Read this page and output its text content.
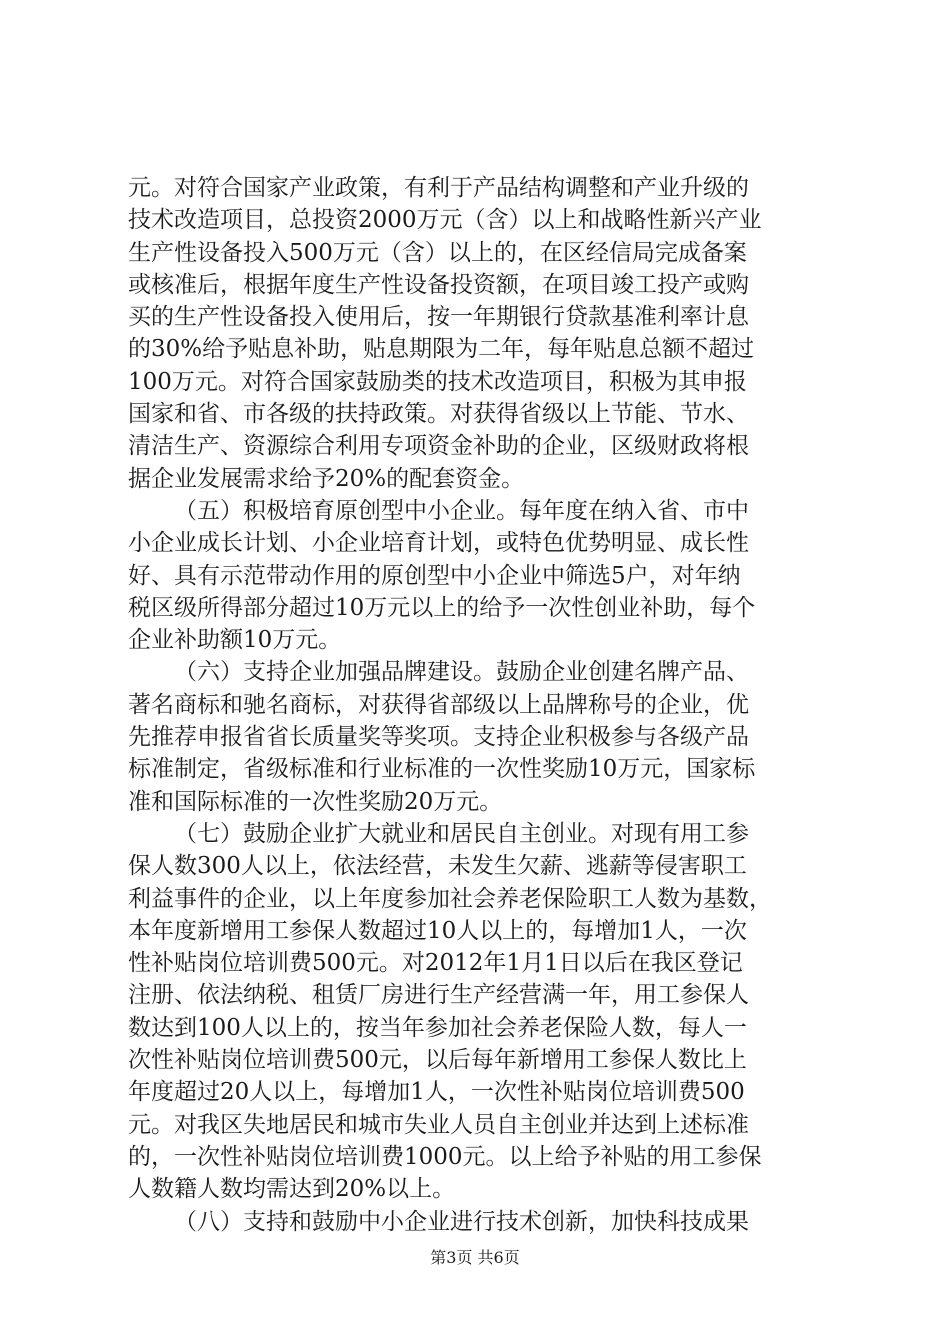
元。对符合国家产业政策，有利于产品结构调整和产业升级的
技术改造项目，总投资2000万元（含）以上和战略性新兴产业
生产性设备投入500万元（含）以上的，在区经信局完成备案
或核准后，根据年度生产性设备投资额，在项目竣工投产或购
买的生产性设备投入使用后，按一年期银行贷款基准利率计息
的30%给予贴息补助，贴息期限为二年，每年贴息总额不超过
100万元。对符合国家鼓励类的技术改造项目，积极为其申报
国家和省、市各级的扶持政策。对获得省级以上节能、节水、
清洁生产、资源综合利用专项资金补助的企业，区级财政将根
据企业发展需求给予20%的配套资金。
（五）积极培育原创型中小企业。每年度在纳入省、市中
小企业成长计划、小企业培育计划，或特色优势明显、成长性
好、具有示范带动作用的原创型中小企业中筛选5户，对年纳
税区级所得部分超过10万元以上的给予一次性创业补助，每个
企业补助额10万元。
（六）支持企业加强品牌建设。鼓励企业创建名牌产品、
著名商标和驰名商标，对获得省部级以上品牌称号的企业，优
先推荐申报省省长质量奖等奖项。支持企业积极参与各级产品
标准制定，省级标准和行业标准的一次性奖励10万元，国家标
准和国际标准的一次性奖励20万元。
（七）鼓励企业扩大就业和居民自主创业。对现有用工参
保人数300人以上，依法经营，未发生欠薪、逃薪等侵害职工
利益事件的企业，以上年度参加社会养老保险职工人数为基数，
本年度新增用工参保人数超过10人以上的，每增加1人，一次
性补贴岗位培训费500元。对2012年1月1日以后在我区登记
注册、依法纳税、租赁厂房进行生产经营满一年，用工参保人
数达到100人以上的，按当年参加社会养老保险人数，每人一
次性补贴岗位培训费500元，以后每年新增用工参保人数比上
年度超过20人以上，每增加1人，一次性补贴岗位培训费500
元。对我区失地居民和城市失业人员自主创业并达到上述标准
的，一次性补贴岗位培训费1000元。以上给予补贴的用工参保
人数籍人数均需达到20%以上。
（八）支持和鼓励中小企业进行技术创新，加快科技成果
第3页 共6页
